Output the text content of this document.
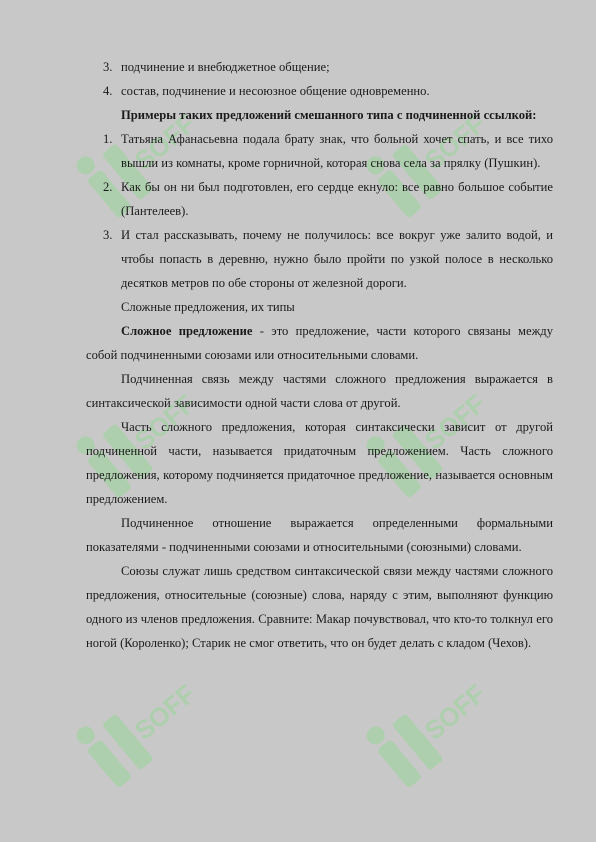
SOFF	SOFF
SOFF	SOFF
SOFF	SOFF
3. подчинение и внебюджетное общение;
4. состав, подчинение и несоюзное общение одновременно.

Примеры таких предложений смешанного типа с подчиненной ссылкой:

1. Татьяна Афанасьевна подала брату знак, что больной хочет спать, и все тихо вышли из комнаты, кроме горничной, которая снова села за прялку (Пушкин).
2. Как бы он ни был подготовлен, его сердце екнуло: все равно большое событие (Пантелеев).
3. И стал рассказывать, почему не получилось: все вокруг уже залито водой, и чтобы попасть в деревню, нужно было пройти по узкой полосе в несколько десятков метров по обе стороны от железной дороги.

Сложные предложения, их типы

Сложное предложение - это предложение, части которого связаны между собой подчиненными союзами или относительными словами.

Подчиненная связь между частями сложного предложения выражается в синтаксической зависимости одной части слова от другой.

Часть сложного предложения, которая синтаксически зависит от другой подчиненной части, называется придаточным предложением. Часть сложного предложения, которому подчиняется придаточное предложение, называется основным предложением.

Подчиненное отношение выражается определенными формальными показателями - подчиненными союзами и относительными (союзными) словами.

Союзы служат лишь средством синтаксической связи между частями сложного предложения, относительные (союзные) слова, наряду с этим, выполняют функцию одного из членов предложения. Сравните: Макар почувствовал, что кто-то толкнул его ногой (Короленко); Старик не смог ответить, что он будет делать с кладом (Чехов).
